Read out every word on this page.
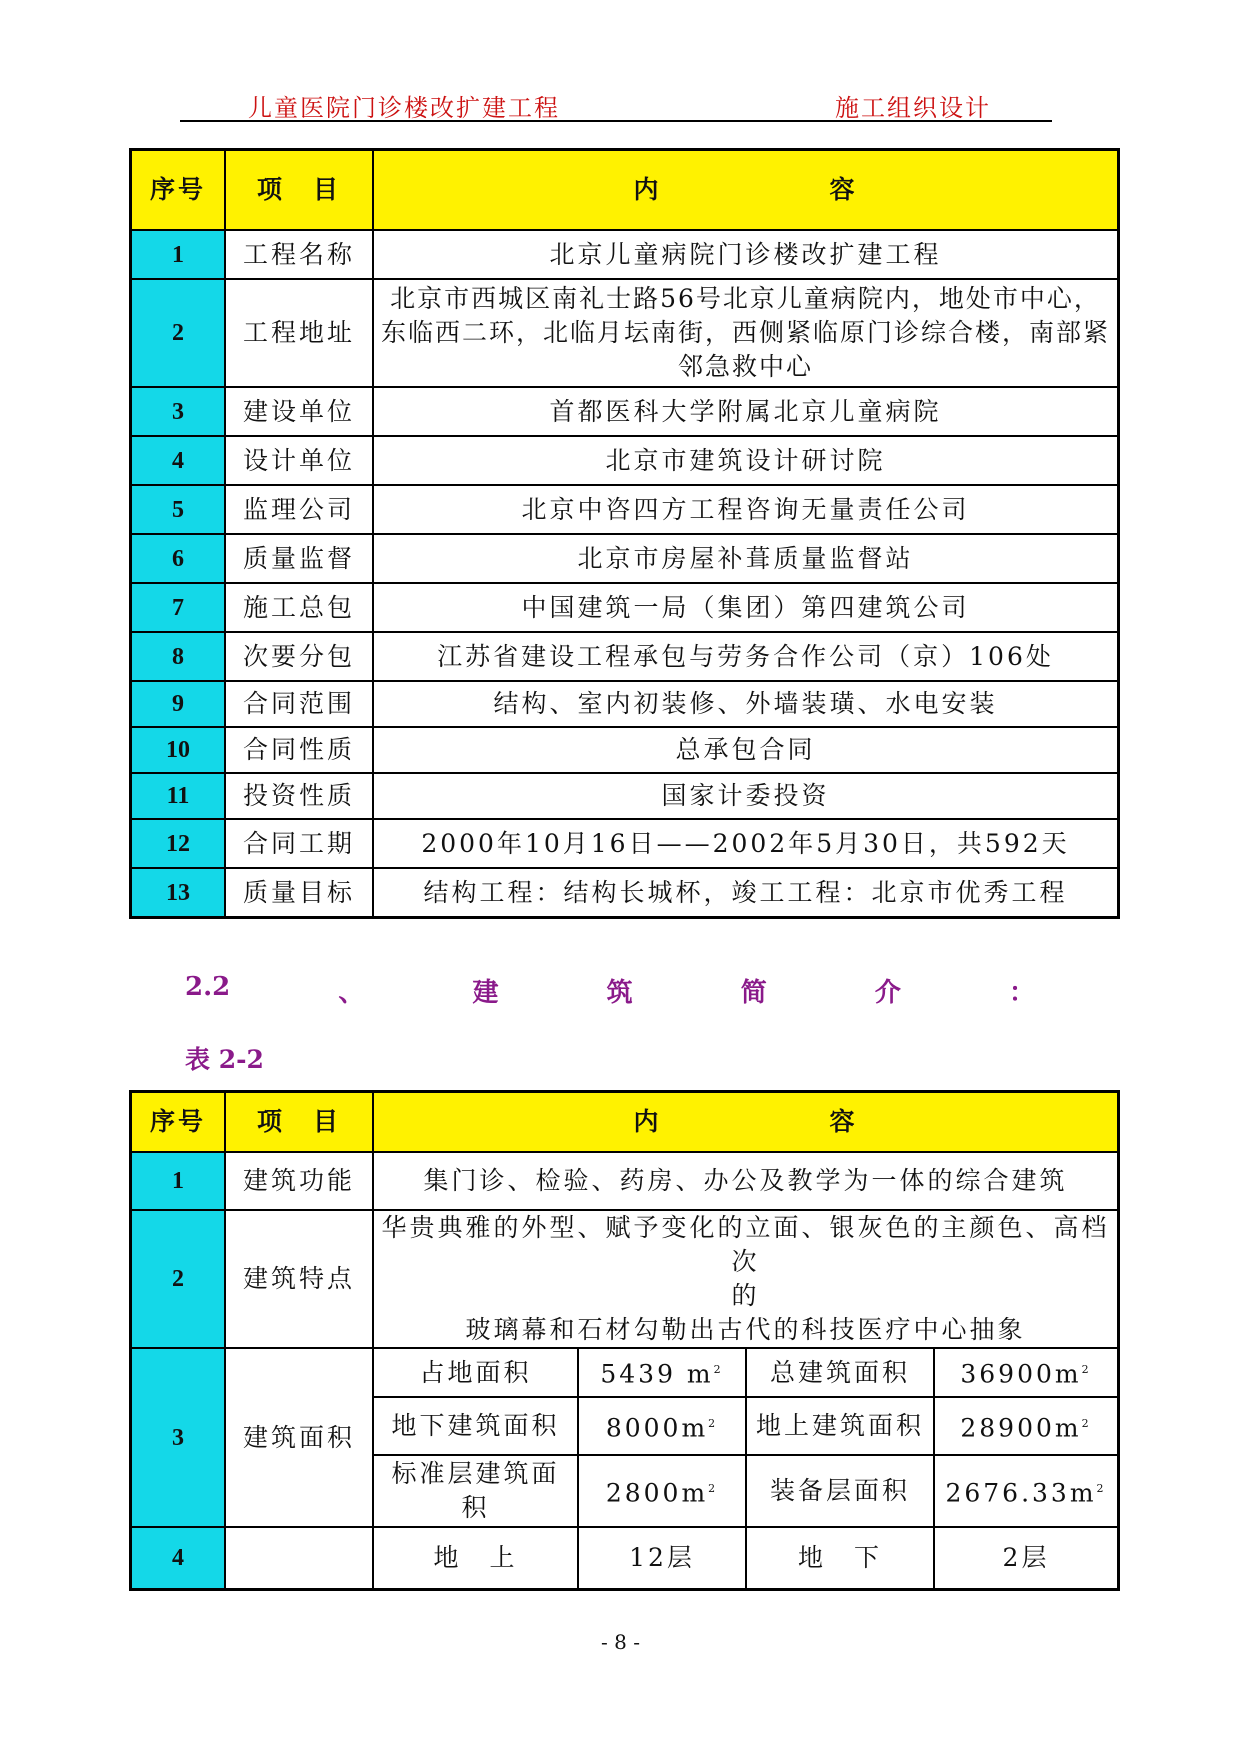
儿童医院门诊楼改扩建工程	施工组织设计
序号	项　目	内　　　　　　容
1	工程名称	北京儿童病院门诊楼改扩建工程
2	工程地址	北京市西城区南礼士路56号北京儿童病院内，地处市中心，东临西二环，北临月坛南街，西侧紧临原门诊综合楼，南部紧邻急救中心
3	建设单位	首都医科大学附属北京儿童病院
4	设计单位	北京市建筑设计研讨院
5	监理公司	北京中咨四方工程咨询无量责任公司
6	质量监督	北京市房屋补葺质量监督站
7	施工总包	中国建筑一局（集团）第四建筑公司
8	次要分包	江苏省建设工程承包与劳务合作公司（京）106处
9	合同范围	结构、室内初装修、外墙装璜、水电安装
10	合同性质	总承包合同
11	投资性质	国家计委投资
12	合同工期	2000年10月16日——2002年5月30日，共592天
13	质量目标	结构工程：结构长城杯，竣工工程：北京市优秀工程
2.2	、	建	筑	简	介	：
表 2-2
序号	项　目	内　　　　　　容			
1	建筑功能	集门诊、检验、药房、办公及教学为一体的综合建筑			
2	建筑特点	华贵典雅的外型、赋予变化的立面、银灰色的主颜色、高档次
的
玻璃幕和石材勾勒出古代的科技医疗中心抽象			

3	建筑面积	占地面积	5439 $m^2$	总建筑面积	$36900m^2$
		地下建筑面积	$8000m^2$	地上建筑面积	$28900m^2$
		标准层建筑面积	$2800m^2$	装备层面积	$2676.33m^2$
4		地　上	12层	地　下	2层
- 8 -
